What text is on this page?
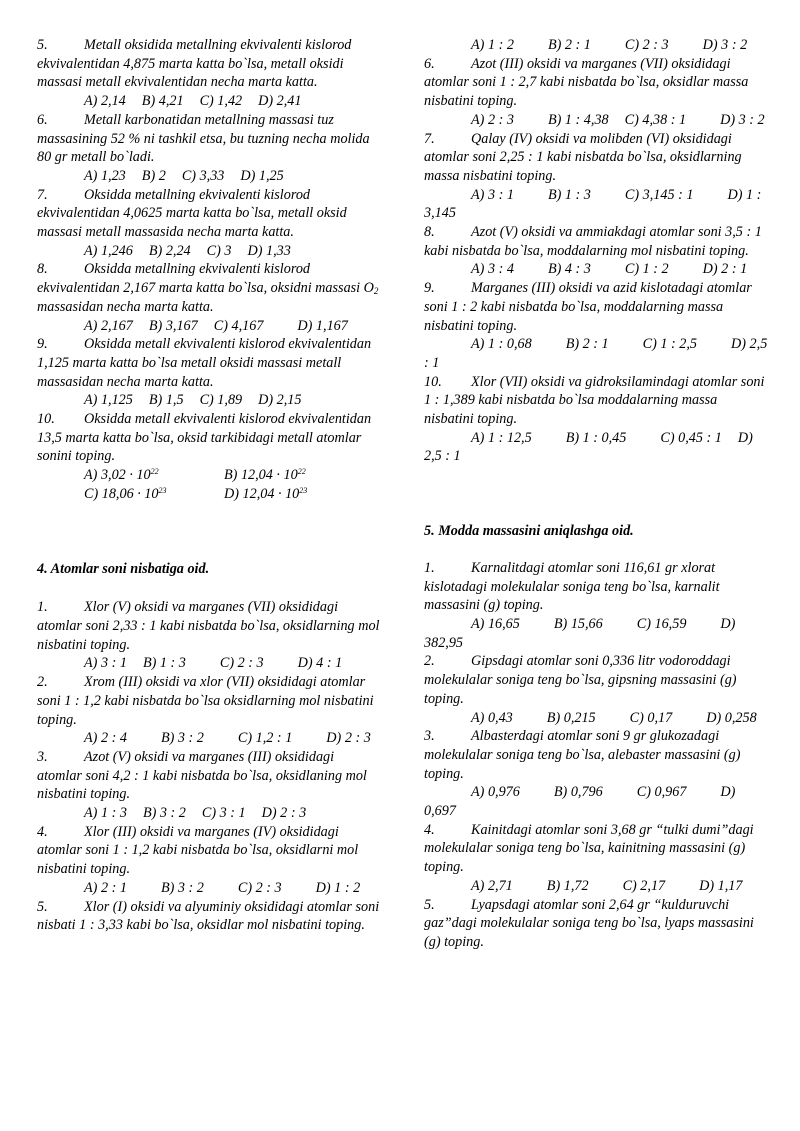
5.	Metall oksidida metallning ekvivalenti kislorod ekvivalentidan 4,875 marta katta bo`lsa, metall oksidi massasi metall ekvivalentidan necha marta katta.

A) 2,14 B) 4,21 C) 1,42 D) 2,41

6.	Metall karbonatidan metallning massasi tuz massasining 52 % ni tashkil etsa, bu tuzning necha molida 80 gr metall bo`ladi.

A) 1,23 B) 2 C) 3,33 D) 1,25

7.	Oksidda metallning ekvivalenti kislorod ekvivalentidan 4,0625 marta katta bo`lsa, metall oksid massasi metall massasida necha marta katta.

A) 1,246 B) 2,24 C) 3 D) 1,33

8.	Oksidda metallning ekvivalenti kislorod ekvivalentidan 2,167 marta katta bo`lsa, oksidni massasi $O_2$ massasidan necha marta katta.

A) 2,167 B) 3,167 C) 4,167 D) 1,167

9.	Oksidda metall ekvivalenti kislorod ekvivalentidan 1,125 marta katta bo`lsa metall oksidi massasi metall massasidan necha marta katta.

A) 1,125 B) 1,5 C) 1,89 D) 2,15

10. Oksidda metall ekvivalenti kislorod ekvivalentidan 13,5 marta katta bo`lsa, oksid tarkibidagi metall atomlar sonini toping.

A) $3,02 \cdot 10^{22}$	B) $12,04 \cdot 10^{22}$

C) $18,06 \cdot 10^{23}$	D) $12,04 \cdot 10^{23}$

4. Atomlar soni nisbatiga oid.

1.	Xlor (V) oksidi va marganes (VII) oksididagi atomlar soni 2,33 : 1 kabi nisbatda bo`lsa, oksidlarning mol nisbatini toping.

A) 3 : 1 B) 1 : 3 C) 2 : 3 D) 4 : 1

2.	Xrom (III) oksidi va xlor (VII) oksididagi atomlar soni 1 : 1,2 kabi nisbatda bo`lsa oksidlarning mol nisbatini toping.

A) 2 : 4 B) 3 : 2 C) 1,2 : 1 D) 2 : 3

3.	Azot (V) oksidi va marganes (III) oksididagi atomlar soni 4,2 : 1 kabi nisbatda bo`lsa, oksidlaning mol nisbatini toping.

A) 1 : 3 B) 3 : 2 C) 3 : 1 D) 2 : 3

4.	Xlor (III) oksidi va marganes (IV) oksididagi atomlar soni 1 : 1,2 kabi nisbatda bo`lsa, oksidlarni mol nisbatini toping.

A) 2 : 1 B) 3 : 2 C) 2 : 3 D) 1 : 2

5.	Xlor (I) oksidi va alyuminiy oksididagi atomlar soni nisbati 1 : 3,33 kabi bo`lsa, oksidlar mol nisbatini toping.

A) 1 : 2 B) 2 : 1 C) 2 : 3 D) 3 : 2

6.	Azot (III) oksidi va marganes (VII) oksididagi atomlar soni 1 : 2,7 kabi nisbatda bo`lsa, oksidlar massa nisbatini toping.

A) 2 : 3 B) 1 : 4,38 C) 4,38 : 1 D) 3 : 2

7.	Qalay (IV) oksidi va molibden (VI) oksididagi atomlar soni 2,25 : 1 kabi nisbatda bo`lsa, oksidlarning massa nisbatini toping.

A) 3 : 1 B) 1 : 3 C) 3,145 : 1 D) 1 : 3,145

8.	Azot (V) oksidi va ammiakdagi atomlar soni 3,5 : 1 kabi nisbatda bo`lsa, moddalarning mol nisbatini toping.

A) 3 : 4 B) 4 : 3 C) 1 : 2 D) 2 : 1

9.	Marganes (III) oksidi va azid kislotadagi atomlar soni 1 : 2 kabi nisbatda bo`lsa, moddalarning massa nisbatini toping.

A) 1 : 0,68 B) 2 : 1 C) 1 : 2,5 D) 2,5 : 1

10. Xlor (VII) oksidi va gidroksilamindagi atomlar soni 1 : 1,389 kabi nisbatda bo`lsa moddalarning massa nisbatini toping.

A) 1 : 12,5 B) 1 : 0,45 C) 0,45 : 1 D) 2,5 : 1

5. Modda massasini aniqlashga oid.

1.	Karnalitdagi atomlar soni 116,61 gr xlorat kislotadagi molekulalar soniga teng bo`lsa, karnalit massasini (g) toping.

A) 16,65 B) 15,66 C) 16,59 D) 382,95

2.	Gipsdagi atomlar soni 0,336 litr vodoroddagi molekulalar soniga teng bo`lsa, gipsning massasini (g) toping.

A) 0,43 B) 0,215 C) 0,17 D) 0,258

3.	Albasterdagi atomlar soni 9 gr glukozadagi molekulalar soniga teng bo`lsa, alebaster massasini (g) toping.

A) 0,976 B) 0,796 C) 0,967 D) 0,697

4.	Kainitdagi atomlar soni 3,68 gr “tulki dumi”dagi molekulalar soniga teng bo`lsa, kainitning massasini (g) toping.

A) 2,71 B) 1,72 C) 2,17 D) 1,17

5.	Lyapsdagi atomlar soni 2,64 gr “kulduruvchi gaz”dagi molekulalar soniga teng bo`lsa, lyaps massasini (g) toping.
